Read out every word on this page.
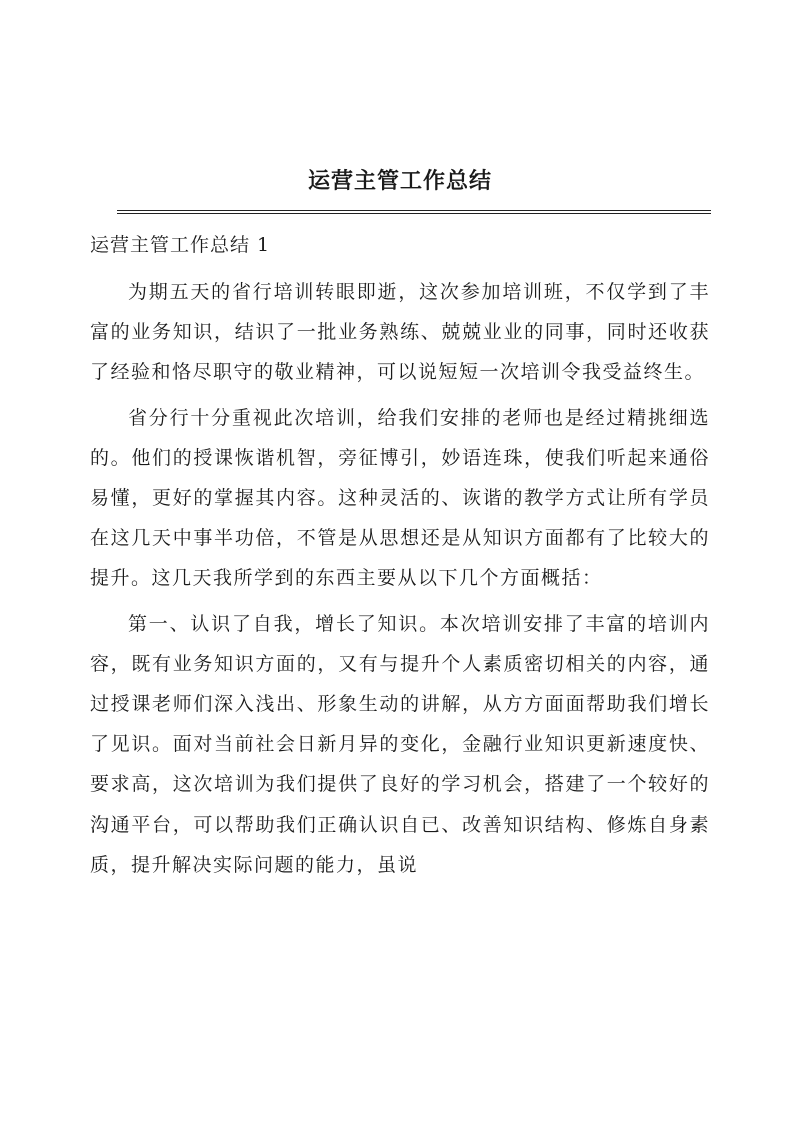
运营主管工作总结
运营主管工作总结 1

为期五天的省行培训转眼即逝，这次参加培训班，不仅学到了丰富的业务知识，结识了一批业务熟练、兢兢业业的同事，同时还收获了经验和恪尽职守的敬业精神，可以说短短一次培训令我受益终生。

省分行十分重视此次培训，给我们安排的老师也是经过精挑细选的。他们的授课恢谐机智，旁征博引，妙语连珠，使我们听起来通俗易懂，更好的掌握其内容。这种灵活的、诙谐的教学方式让所有学员在这几天中事半功倍，不管是从思想还是从知识方面都有了比较大的提升。这几天我所学到的东西主要从以下几个方面概括：

第一、认识了自我，增长了知识。本次培训安排了丰富的培训内容，既有业务知识方面的，又有与提升个人素质密切相关的内容，通过授课老师们深入浅出、形象生动的讲解，从方方面面帮助我们增长了见识。面对当前社会日新月异的变化，金融行业知识更新速度快、要求高，这次培训为我们提供了良好的学习机会，搭建了一个较好的沟通平台，可以帮助我们正确认识自已、改善知识结构、修炼自身素质，提升解决实际问题的能力，虽说
